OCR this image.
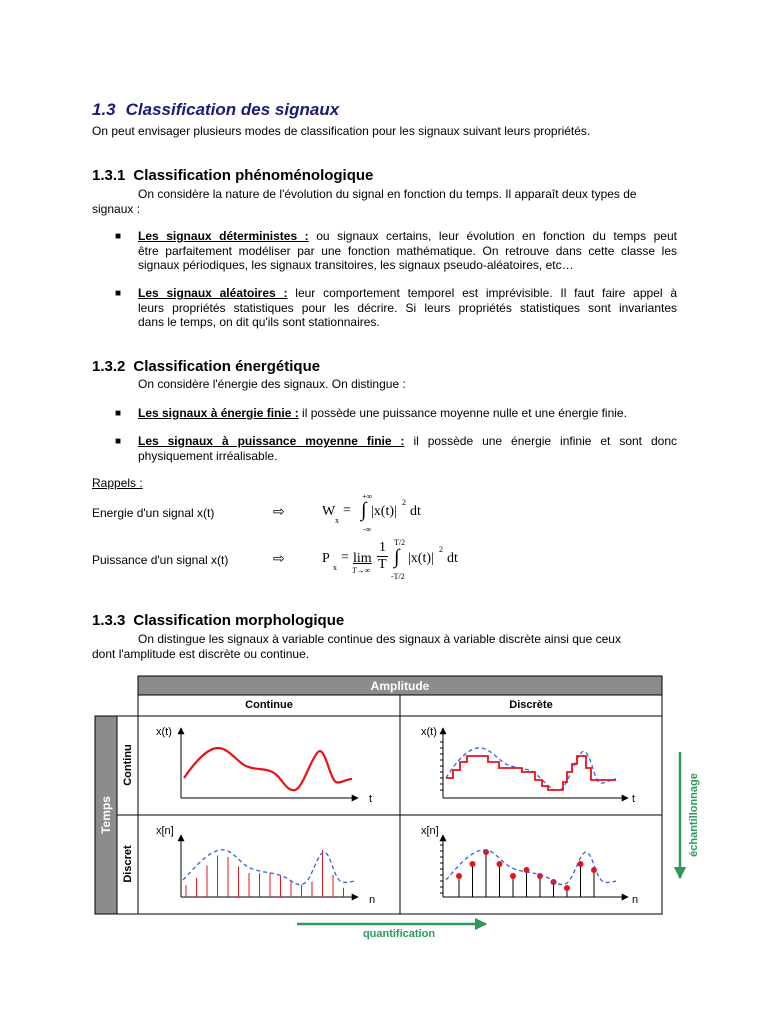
1.3 Classification des signaux
On peut envisager plusieurs modes de classification pour les signaux suivant leurs propriétés.
1.3.1 Classification phénoménologique
On considère la nature de l'évolution du signal en fonction du temps. Il apparaît deux types de
signaux :
■ Les signaux déterministes : ou signaux certains, leur évolution en fonction du temps peut
être parfaitement modéliser par une fonction mathématique. On retrouve dans cette classe les
signaux périodiques, les signaux transitoires, les signaux pseudo-aléatoires, etc…
■ Les signaux aléatoires : leur comportement temporel est imprévisible. Il faut faire appel à
leurs propriétés statistiques pour les décrire. Si leurs propriétés statistiques sont invariantes
dans le temps, on dit qu'ils sont stationnaires.
1.3.2 Classification énergétique
On considère l'énergie des signaux. On distingue :
■ Les signaux à énergie finie : il possède une puissance moyenne nulle et une énergie finie.
■ Les signaux à puissance moyenne finie : il possède une énergie infinie et sont donc
physiquement irréalisable.
Rappels :
Energie d'un signal x(t)	⇨	W
x
=
+∞
∫
-∞
|x(t)|
2
dt
Puissance d'un signal x(t)	⇨	P
x
= lim
T→∞
1
T
T/2
∫
-T/2
|x(t)|
2
dt
1.3.3 Classification morphologique
On distingue les signaux à variable continue des signaux à variable discrète ainsi que ceux
dont l'amplitude est discrète ou continue.
Amplitude
Temps
Continue	Discrète
Continu
Discret
x(t)
t
x(t)
t
x[n]
n
x[n]
n
échantillonnage
quantification
